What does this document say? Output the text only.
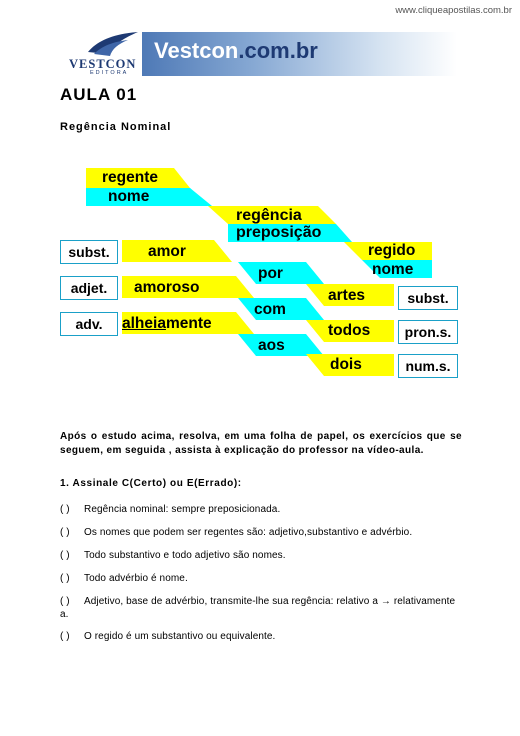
www.cliqueapostilas.com.br
VESTCON
EDITORA
Vestcon.com.br
AULA 01
Regência Nominal
regente
nome
regência
preposição
regido
nome
subst.
adjet.
adv.
amor
amoroso
alheiamente
por
com
aos
artes
todos
dois
subst.
pron.s.
num.s.
Após o estudo acima, resolva, em uma folha de papel, os exercícios que se seguem, em seguida , assista à explicação do professor na vídeo-aula.
1. Assinale C(Certo) ou E(Errado):
( ) Regência nominal: sempre preposicionada.
( ) Os nomes que podem ser regentes são: adjetivo,substantivo e advérbio.
( ) Todo substantivo e todo adjetivo são nomes.
( ) Todo advérbio é nome.
( ) Adjetivo, base de advérbio, transmite-lhe sua regência: relativo a → relativamente a.
( ) O regido é um substantivo ou equivalente.
